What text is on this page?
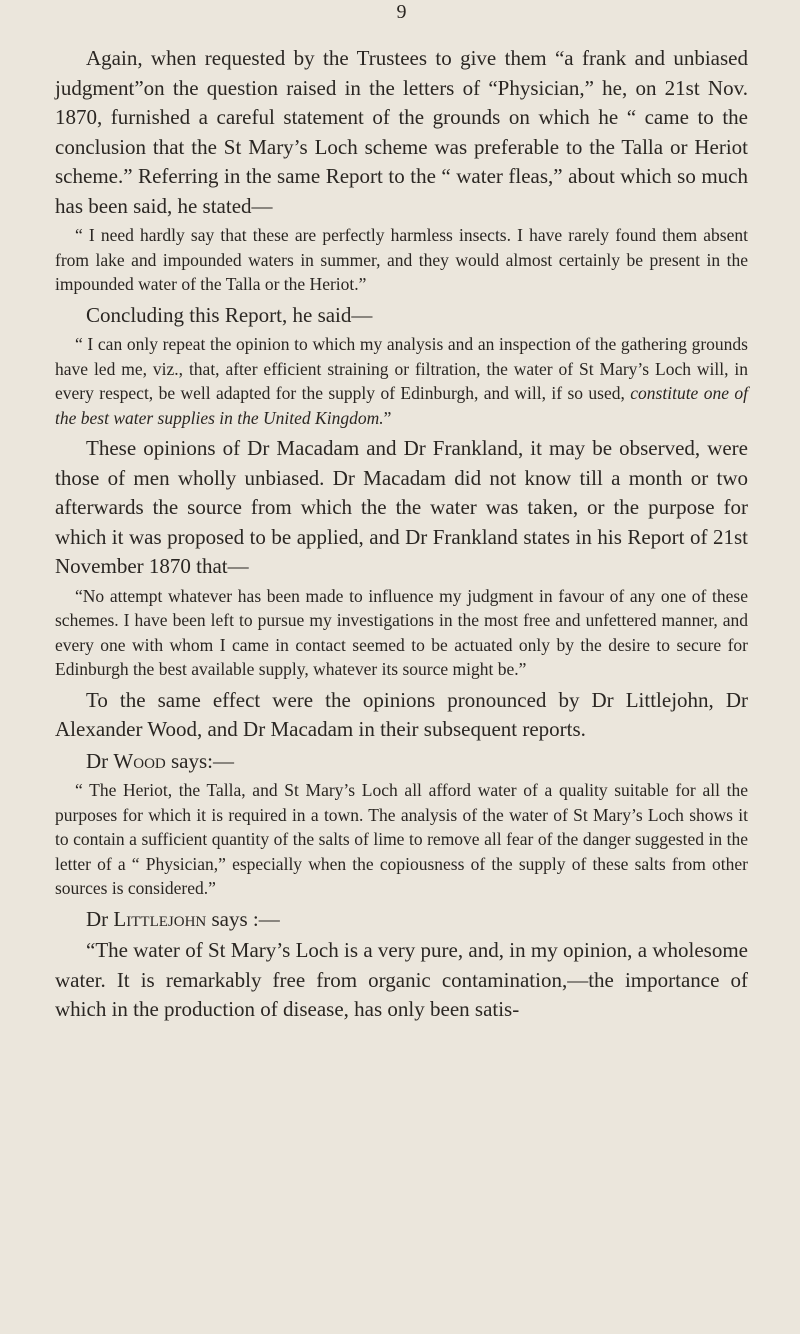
9

Again, when requested by the Trustees to give them “a frank and unbiased judgment”on the question raised in the letters of “Physician,” he, on 21st Nov. 1870, furnished a careful statement of the grounds on which he “ came to the conclusion that the St Mary’s Loch scheme was preferable to the Talla or Heriot scheme.” Referring in the same Report to the “ water fleas,” about which so much has been said, he stated—

“ I need hardly say that these are perfectly harmless insects. I have rarely found them absent from lake and impounded waters in summer, and they would almost certainly be present in the impounded water of the Talla or the Heriot.”

Concluding this Report, he said—

“ I can only repeat the opinion to which my analysis and an inspection of the gathering grounds have led me, viz., that, after efficient straining or filtration, the water of St Mary’s Loch will, in every respect, be well adapted for the supply of Edinburgh, and will, if so used, constitute one of the best water supplies in the United Kingdom.”

These opinions of Dr Macadam and Dr Frankland, it may be observed, were those of men wholly unbiased. Dr Macadam did not know till a month or two afterwards the source from which the the water was taken, or the purpose for which it was proposed to be applied, and Dr Frankland states in his Report of 21st November 1870 that—

“No attempt whatever has been made to influence my judgment in favour of any one of these schemes. I have been left to pursue my investigations in the most free and unfettered manner, and every one with whom I came in contact seemed to be actuated only by the desire to secure for Edinburgh the best available supply, whatever its source might be.”

To the same effect were the opinions pronounced by Dr Littlejohn, Dr Alexander Wood, and Dr Macadam in their subsequent reports.

Dr Wood says:—

“ The Heriot, the Talla, and St Mary’s Loch all afford water of a quality suitable for all the purposes for which it is required in a town. The analysis of the water of St Mary’s Loch shows it to contain a sufficient quantity of the salts of lime to remove all fear of the danger suggested in the letter of a “ Physician,” especially when the copiousness of the supply of these salts from other sources is considered.”

Dr Littlejohn says :—

“The water of St Mary’s Loch is a very pure, and, in my opinion, a wholesome water. It is remarkably free from organic contamination,—the importance of which in the production of disease, has only been satis-
